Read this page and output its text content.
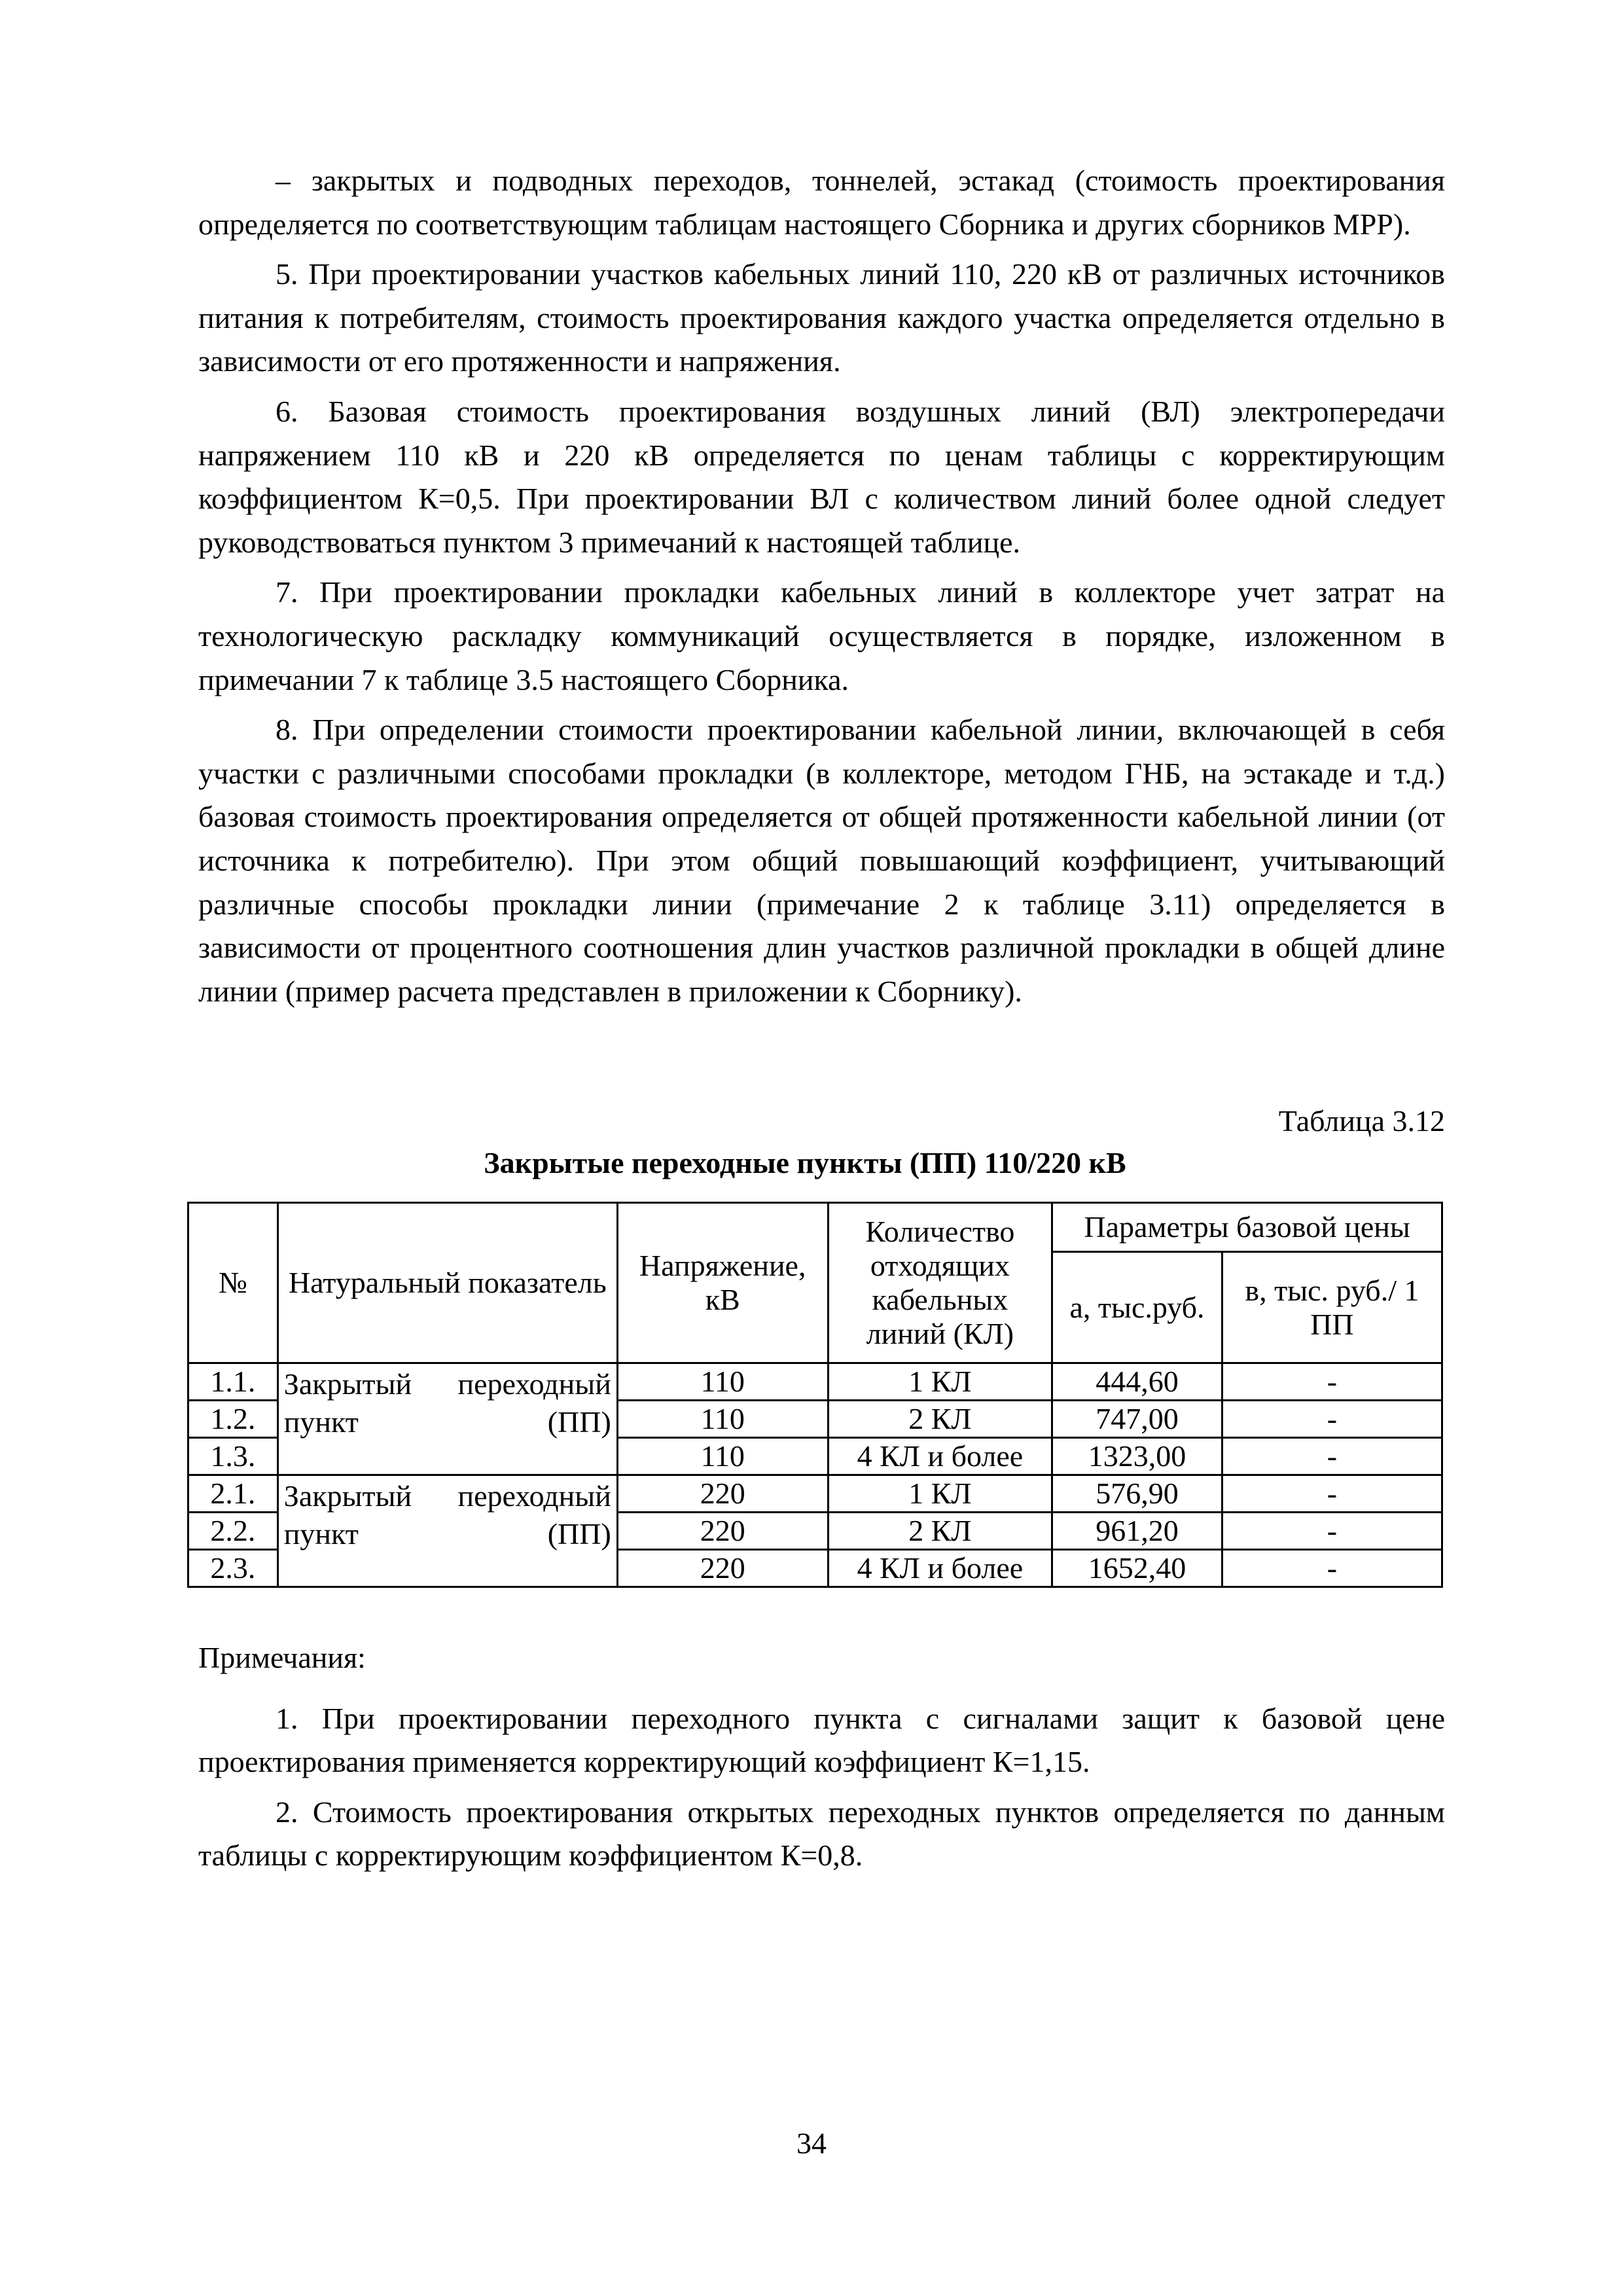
‒ закрытых и подводных переходов, тоннелей, эстакад (стоимость проектирования определяется по соответствующим таблицам настоящего Сборника и других сборников МРР).

5. При проектировании участков кабельных линий 110, 220 кВ от различных источников питания к потребителям, стоимость проектирования каждого участка определяется отдельно в зависимости от его протяженности и напряжения.

6. Базовая стоимость проектирования воздушных линий (ВЛ) электропередачи напряжением 110 кВ и 220 кВ определяется по ценам таблицы с корректирующим коэффициентом К=0,5. При проектировании ВЛ с количеством линий более одной следует руководствоваться пунктом 3 примечаний к настоящей таблице.

7. При проектировании прокладки кабельных линий в коллекторе учет затрат на технологическую раскладку коммуникаций осуществляется в порядке, изложенном в примечании 7 к таблице 3.5 настоящего Сборника.

8. При определении стоимости проектировании кабельной линии, включающей в себя участки с различными способами прокладки (в коллекторе, методом ГНБ, на эстакаде и т.д.) базовая стоимость проектирования определяется от общей протяженности кабельной линии (от источника к потребителю). При этом общий повышающий коэффициент, учитывающий различные способы прокладки линии (примечание 2 к таблице 3.11) определяется в зависимости от процентного соотношения длин участков различной прокладки в общей длине линии (пример расчета представлен в приложении к Сборнику).

Таблица 3.12
Закрытые переходные пункты (ПП) 110/220 кВ
№	Натуральный показатель	Напряжение, кВ	Количество отходящих кабельных линий (КЛ)	Параметры базовой цены	
				а, тыс.руб.	в, тыс. руб./ 1 ПП
1.1.	Закрытый переходный пункт (ПП)	110	1 КЛ	444,60	-
1.2.		110	2 КЛ	747,00	-
1.3.		110	4 КЛ и более	1323,00	-
2.1.	Закрытый переходный пункт (ПП)	220	1 КЛ	576,90	-
2.2.		220	2 КЛ	961,20	-
2.3.		220	4 КЛ и более	1652,40	-

Примечания:

1. При проектировании переходного пункта с сигналами защит к базовой цене проектирования применяется корректирующий коэффициент К=1,15.

2. Стоимость проектирования открытых переходных пунктов определяется по данным таблицы с корректирующим коэффициентом К=0,8.

34
